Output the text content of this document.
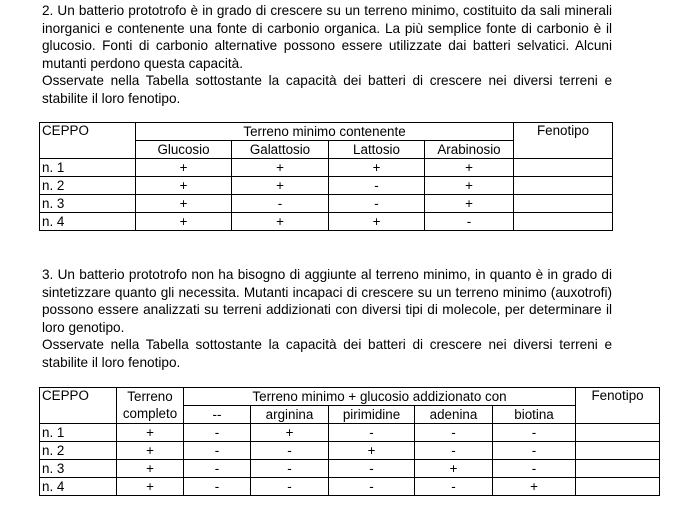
2. Un batterio prototrofo è in grado di crescere su un terreno minimo, costituito da sali minerali inorganici e contenente una fonte di carbonio organica. La più semplice fonte di carbonio è il glucosio. Fonti di carbonio alternative possono essere utilizzate dai batteri selvatici. Alcuni mutanti perdono questa capacità.

Osservate nella Tabella sottostante la capacità dei batteri di crescere nei diversi terreni e stabilite il loro fenotipo.

CEPPO	Terreno minimo contenente				Fenotipo
	Glucosio	Galattosio	Lattosio	Arabinosio	
n. 1	+	+	+	+	
n. 2	+	+	-	+	
n. 3	+	-	-	+	
n. 4	+	+	+	-	

3. Un batterio prototrofo non ha bisogno di aggiunte al terreno minimo, in quanto è in grado di sintetizzare quanto gli necessita. Mutanti incapaci di crescere su un terreno minimo (auxotrofi) possono essere analizzati su terreni addizionati con diversi tipi di molecole, per determinare il loro genotipo.

Osservate nella Tabella sottostante la capacità dei batteri di crescere nei diversi terreni e stabilite il loro fenotipo.

CEPPO	Terreno	Terreno minimo + glucosio addizionato con					Fenotipo
	completo	--	arginina	pirimidine	adenina	biotina	
n. 1	+	-	+	-	-	-	
n. 2	+	-	-	+	-	-	
n. 3	+	-	-	-	+	-	
n. 4	+	-	-	-	-	+	
